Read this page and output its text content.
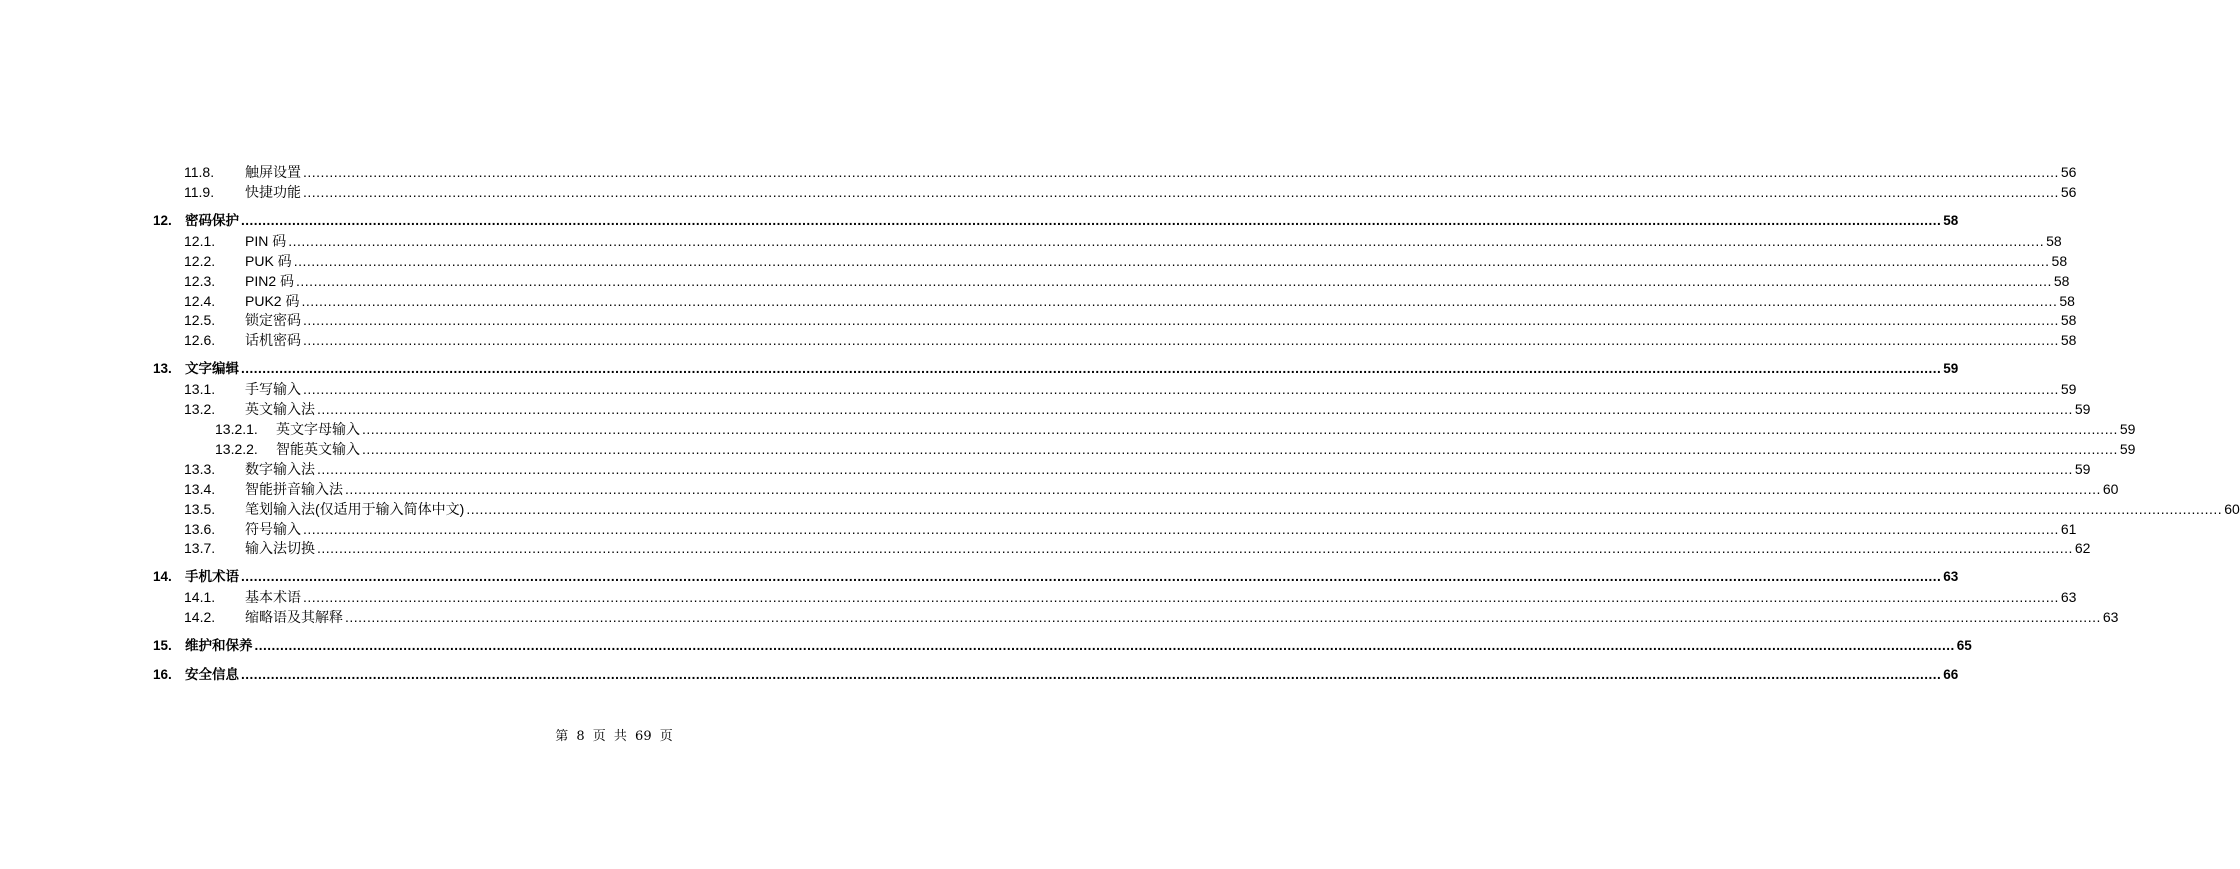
11.8.	触屏设置 ................................................................................................................................................................................................................................................................................................................................................................................................................ 56
11.9.	快捷功能 ................................................................................................................................................................................................................................................................................................................................................................................................................ 56
12. 密码保护 ................................................................................................................................................................................................................................................................................................................................................................................................................ 58
12.1.	PIN 码 ................................................................................................................................................................................................................................................................................................................................................................................................................ 58
12.2.	PUK 码 ................................................................................................................................................................................................................................................................................................................................................................................................................ 58
12.3.	PIN2 码 ................................................................................................................................................................................................................................................................................................................................................................................................................ 58
12.4.	PUK2 码 ................................................................................................................................................................................................................................................................................................................................................................................................................ 58
12.5.	锁定密码 ................................................................................................................................................................................................................................................................................................................................................................................................................ 58
12.6.	话机密码 ................................................................................................................................................................................................................................................................................................................................................................................................................ 58
13. 文字编辑 ................................................................................................................................................................................................................................................................................................................................................................................................................ 59
13.1.	手写输入 ................................................................................................................................................................................................................................................................................................................................................................................................................ 59
13.2.	英文输入法 ................................................................................................................................................................................................................................................................................................................................................................................................................ 59
13.2.1.	英文字母输入 ................................................................................................................................................................................................................................................................................................................................................................................................................ 59
13.2.2.	智能英文输入 ................................................................................................................................................................................................................................................................................................................................................................................................................ 59
13.3.	数字输入法 ................................................................................................................................................................................................................................................................................................................................................................................................................ 59
13.4.	智能拼音输入法 ................................................................................................................................................................................................................................................................................................................................................................................................................ 60
13.5.	笔划输入法(仅适用于输入简体中文) ................................................................................................................................................................................................................................................................................................................................................................................................................ 60
13.6.	符号输入 ................................................................................................................................................................................................................................................................................................................................................................................................................ 61
13.7.	输入法切换 ................................................................................................................................................................................................................................................................................................................................................................................................................ 62
14. 手机术语 ................................................................................................................................................................................................................................................................................................................................................................................................................ 63
14.1.	基本术语 ................................................................................................................................................................................................................................................................................................................................................................................................................ 63
14.2.	缩略语及其解释 ................................................................................................................................................................................................................................................................................................................................................................................................................ 63
15. 维护和保养 ................................................................................................................................................................................................................................................................................................................................................................................................................ 65
16. 安全信息 ................................................................................................................................................................................................................................................................................................................................................................................................................ 66
第 8 页 共 69 页
